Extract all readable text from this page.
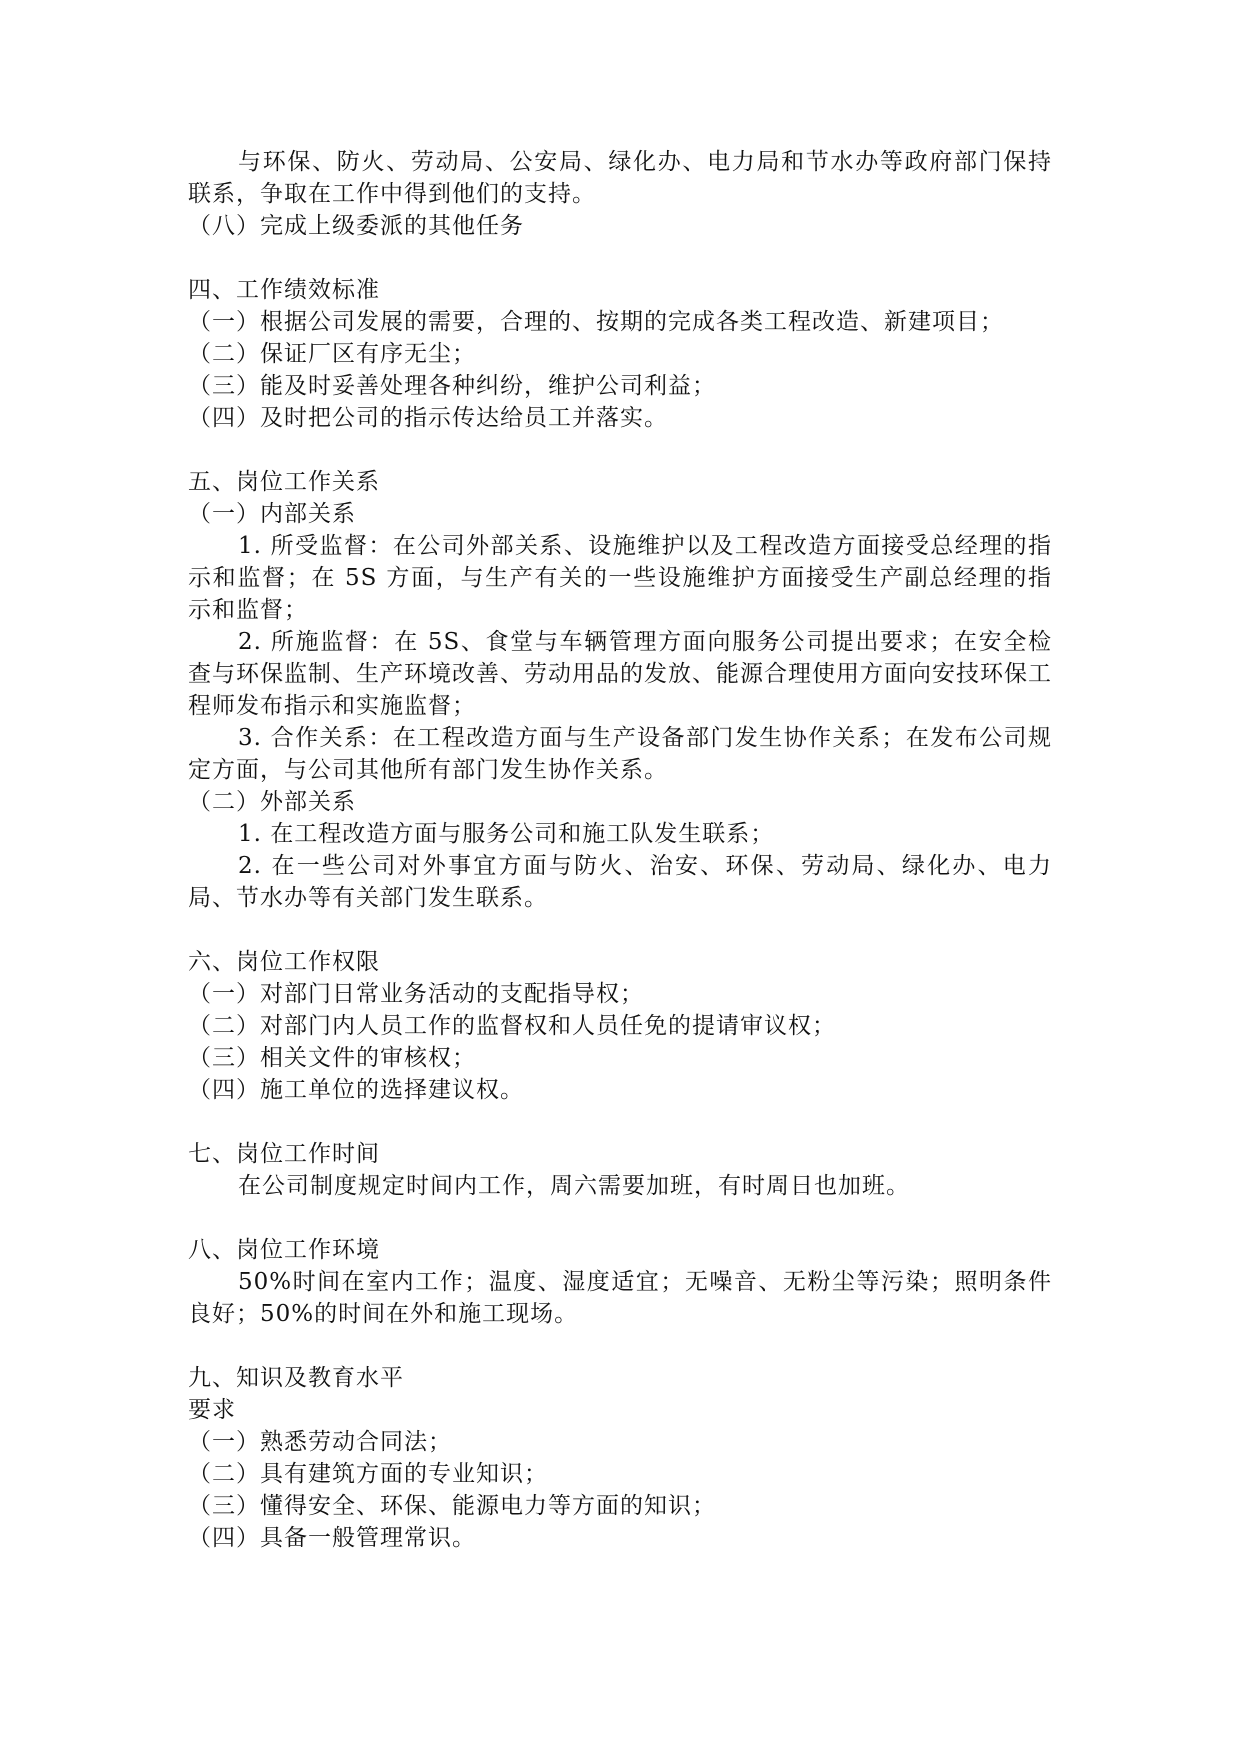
与环保、防火、劳动局、公安局、绿化办、电力局和节水办等政府部门保持联系，争取在工作中得到他们的支持。

（八）完成上级委派的其他任务
四、工作绩效标准
（一）根据公司发展的需要，合理的、按期的完成各类工程改造、新建项目；
（二）保证厂区有序无尘；
（三）能及时妥善处理各种纠纷，维护公司利益；
（四）及时把公司的指示传达给员工并落实。
五、岗位工作关系
（一）内部关系

1. 所受监督：在公司外部关系、设施维护以及工程改造方面接受总经理的指示和监督；在 5S 方面，与生产有关的一些设施维护方面接受生产副总经理的指示和监督；

2. 所施监督：在 5S、食堂与车辆管理方面向服务公司提出要求；在安全检查与环保监制、生产环境改善、劳动用品的发放、能源合理使用方面向安技环保工程师发布指示和实施监督；

3. 合作关系：在工程改造方面与生产设备部门发生协作关系；在发布公司规定方面，与公司其他所有部门发生协作关系。

（二）外部关系

1. 在工程改造方面与服务公司和施工队发生联系；

2. 在一些公司对外事宜方面与防火、治安、环保、劳动局、绿化办、电力局、节水办等有关部门发生联系。

六、岗位工作权限
（一）对部门日常业务活动的支配指导权；
（二）对部门内人员工作的监督权和人员任免的提请审议权；
（三）相关文件的审核权；
（四）施工单位的选择建议权。
七、岗位工作时间

在公司制度规定时间内工作，周六需要加班，有时周日也加班。

八、岗位工作环境

50%时间在室内工作；温度、湿度适宜；无噪音、无粉尘等污染；照明条件良好；50%的时间在外和施工现场。

九、知识及教育水平
要求
（一）熟悉劳动合同法；
（二）具有建筑方面的专业知识；
（三）懂得安全、环保、能源电力等方面的知识；
（四）具备一般管理常识。
